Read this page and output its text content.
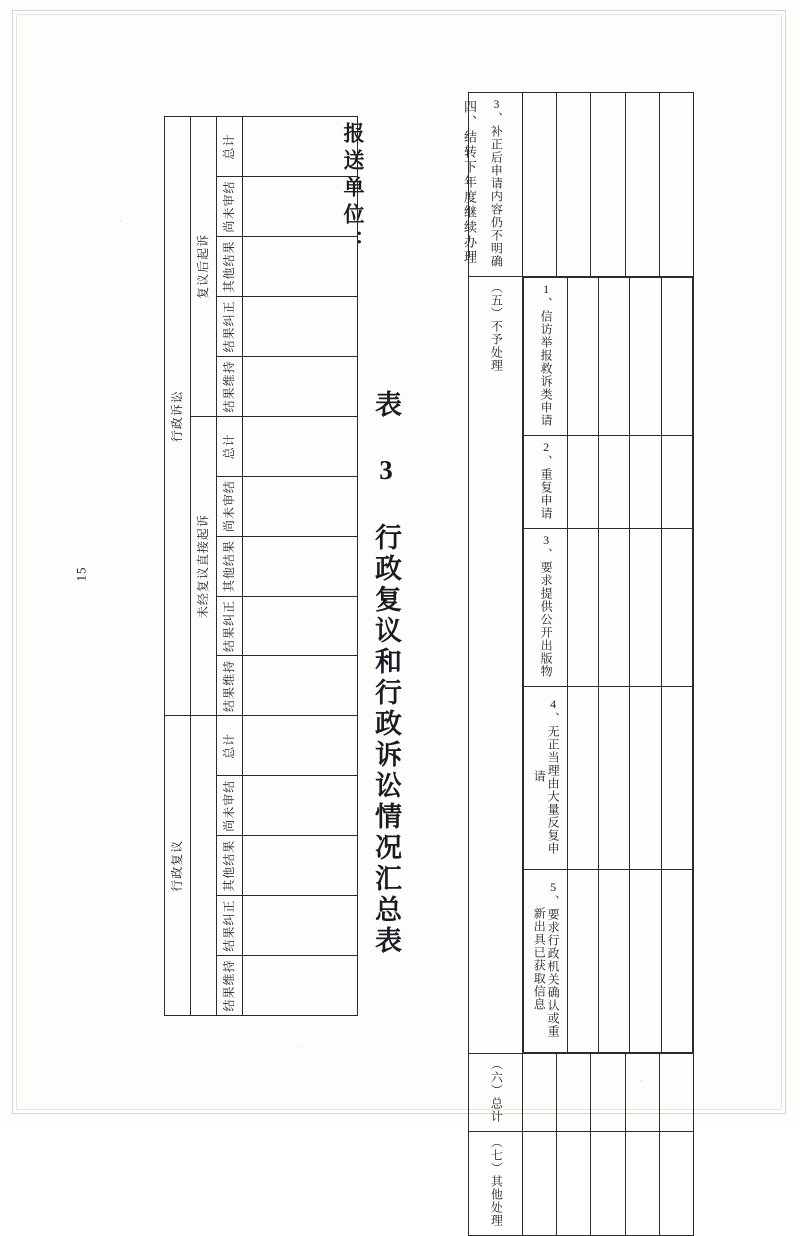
四、结转下年度继续办理
报送单位：
表 3 行政复议和行政诉讼情况汇总表
15
3、补正后申请内容仍不明确					
（五）不予处理		1、信访举报救诉类申请				
2、重复申请				
3、要求提供公开出版物				
4、无正当理由大量反复申请				
5、要求行政机关确认或重新出具已获取信息				

（六）总计					
（七）其他处理					
行政复议					行政诉讼									
					未经复议直接起诉					复议后起诉				
结果维持	结果纠正	其他结果	尚未审结	总计	结果维持	结果纠正	其他结果	尚未审结	总计	结果维持	结果纠正	其他结果	尚未审结	总计
